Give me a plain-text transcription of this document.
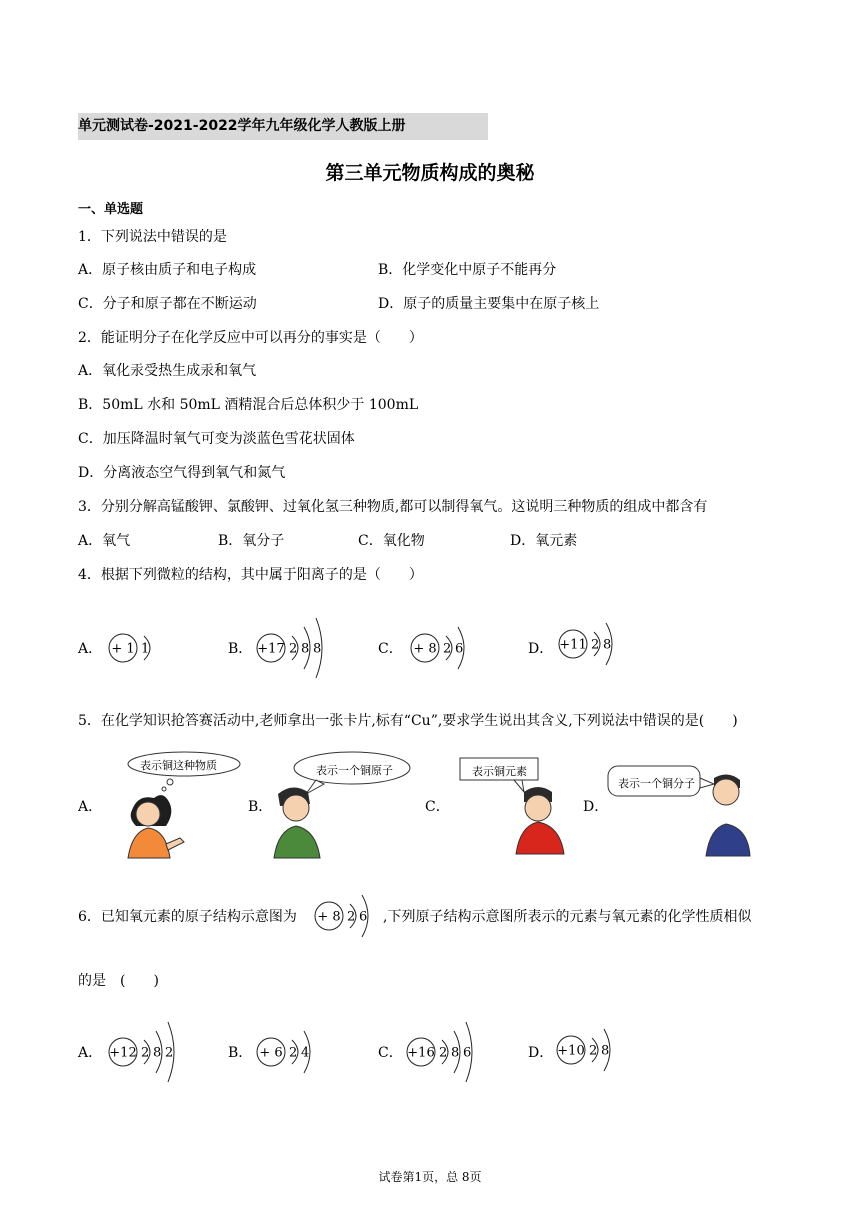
单元测试卷-2021-2022学年九年级化学人教版上册
第三单元物质构成的奥秘
一、单选题
1．下列说法中错误的是
A．原子核由质子和电子构成	B．化学变化中原子不能再分
C．分子和原子都在不断运动	D．原子的质量主要集中在原子核上
2．能证明分子在化学反应中可以再分的事实是（　　）
A．氧化汞受热生成汞和氧气
B．50mL 水和 50mL 酒精混合后总体积少于 100mL
C．加压降温时氧气可变为淡蓝色雪花状固体
D．分离液态空气得到氧气和氮气
3．分别分解高锰酸钾、氯酸钾、过氧化氢三种物质,都可以制得氧气。这说明三种物质的组成中都含有
A．氧气	B．氧分子	C．氧化物	D．氧元素
4．根据下列微粒的结构，其中属于阳离子的是（　　）
A．	B．	C．	D．
+ 1 1	+17 2 8 8	+ 8 2 6	+11 2 8
5．在化学知识抢答赛活动中,老师拿出一张卡片,标有“Cu”,要求学生说出其含义,下列说法中错误的是(　　)
A．	B．	C．	D．
表示铜这种物质	表示一个铜原子	表示铜元素
表示一个铜分子
6．已知氧元素的原子结构示意图为 + 8 2 6 ,下列原子结构示意图所表示的元素与氧元素的化学性质相似
的是　(　　)
A．	B．	C．	D．
+12 2 8 2	+ 6 2 4	+16 2 8 6	+10 2 8
试卷第1页，总 8页
